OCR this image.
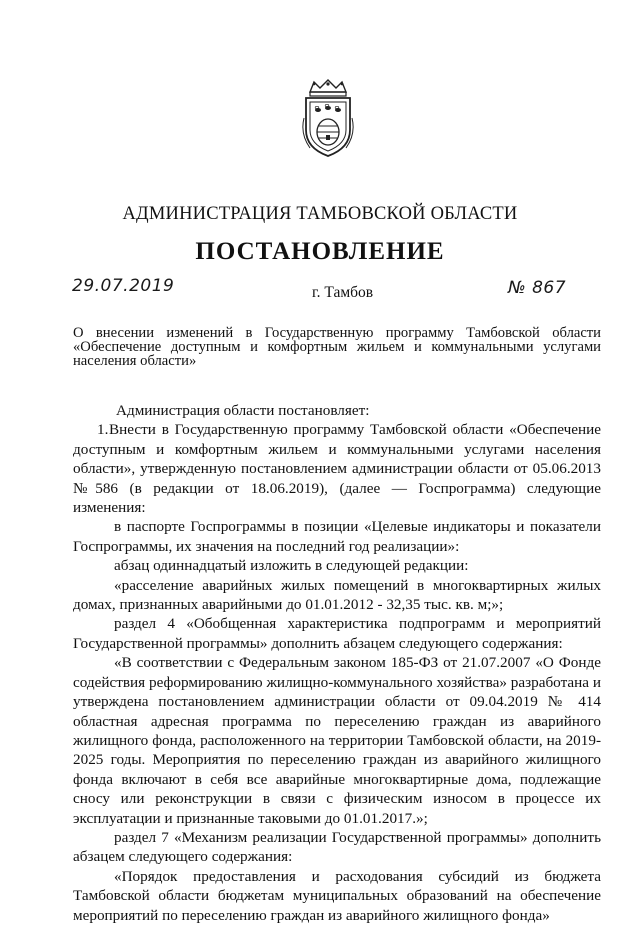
АДМИНИСТРАЦИЯ ТАМБОВСКОЙ ОБЛАСТИ
ПОСТАНОВЛЕНИЕ
29.07.2019	г. Тамбов	№ 867
О внесении изменений в Государственную программу Тамбовской области «Обеспечение доступным и комфортным жильем и коммунальными услугами населения области»

Администрация области постановляет:

1.Внести в Государственную программу Тамбовской области «Обеспечение доступным и комфортным жильем и коммунальными услугами населения области», утвержденную постановлением администрации области от 05.06.2013 №586 (в редакции от 18.06.2019), (далее — Госпрограмма) следующие изменения:

в паспорте Госпрограммы в позиции «Целевые индикаторы и показатели Госпрограммы, их значения на последний год реализации»:

абзац одиннадцатый изложить в следующей редакции:

«расселение аварийных жилых помещений в многоквартирных жилых домах, признанных аварийными до 01.01.2012 - 32,35 тыс. кв. м;»;

раздел 4 «Обобщенная характеристика подпрограмм и мероприятий Государственной программы» дополнить абзацем следующего содержания:

«В соответствии с Федеральным законом 185-ФЗ от 21.07.2007 «О Фонде содействия реформированию жилищно-коммунального хозяйства» разработана и утверждена постановлением администрации области от 09.04.2019 № 414 областная адресная программа по переселению граждан из аварийного жилищного фонда, расположенного на территории Тамбовской области, на 2019-2025 годы. Мероприятия по переселению граждан из аварийного жилищного фонда включают в себя все аварийные многоквартирные дома, подлежащие сносу или реконструкции в связи с физическим износом в процессе их эксплуатации и признанные таковыми до 01.01.2017.»;

раздел 7 «Механизм реализации Государственной программы» дополнить абзацем следующего содержания:

«Порядок предоставления и расходования субсидий из бюджета Тамбовской области бюджетам муниципальных образований на обеспечение мероприятий по переселению граждан из аварийного жилищного фонда»
